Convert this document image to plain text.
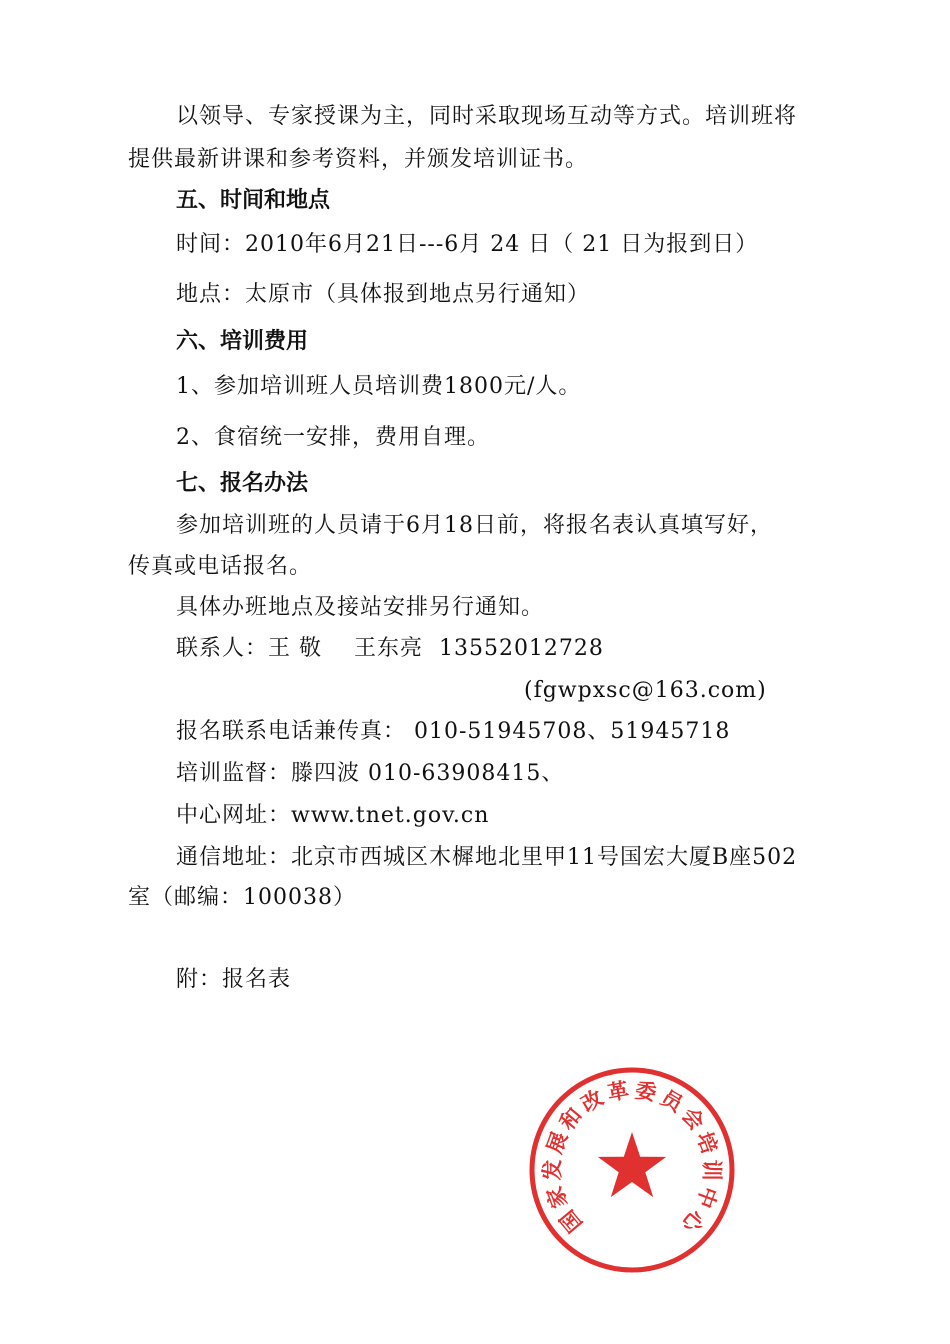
以领导、专家授课为主，同时采取现场互动等方式。培训班将
提供最新讲课和参考资料，并颁发培训证书。
五、时间和地点
时间：2010年6月21日---6月 24 日（ 21 日为报到日）
地点：太原市（具体报到地点另行通知）
六、培训费用
1、参加培训班人员培训费1800元/人。
2、食宿统一安排，费用自理。
七、报名办法
参加培训班的人员请于6月18日前，将报名表认真填写好，
传真或电话报名。
具体办班地点及接站安排另行通知。
联系人：王 敬    王东亮  13552012728
(fgwpxsc@163.com)
报名联系电话兼传真： 010-51945708、51945718
培训监督：滕四波 010-63908415、
中心网址：www.tnet.gov.cn
通信地址：北京市西城区木樨地北里甲11号国宏大厦B座502
室（邮编：100038）
附：报名表
国
家
发
展
和
改
革 委
员
会
培
训
中
心
